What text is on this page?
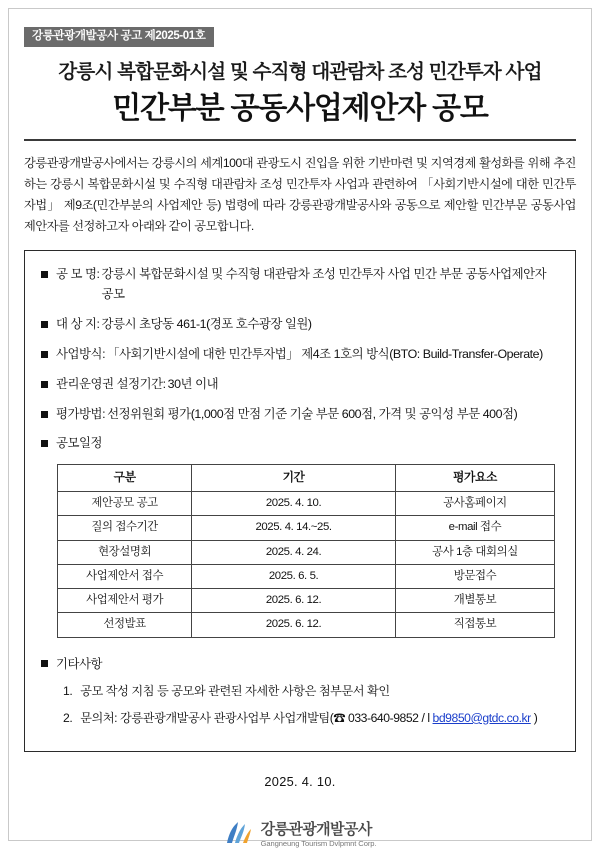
강릉관광개발공사 공고 제2025-01호
강릉시 복합문화시설 및 수직형 대관람차 조성 민간투자 사업
민간부분 공동사업제안자 공모
강릉관광개발공사에서는 강릉시의 세계100대 관광도시 진입을 위한 기반마련 및 지역경제 활성화를 위해 추진하는 강릉시 복합문화시설 및 수직형 대관람차 조성 민간투자 사업과 관련하여 「사회기반시설에 대한 민간투자법」 제9조(민간부분의 사업제안 등) 법령에 따라 강릉관광개발공사와 공동으로 제안할 민간부문 공동사업제안자를 선정하고자 아래와 같이 공모합니다.
공 모 명: 강릉시 복합문화시설 및 수직형 대관람차 조성 민간투자 사업 민간 부문 공동사업제안자 공모
대 상 지: 강릉시 초당동 461-1(경포 호수광장 일원)
사업방식: 「사회기반시설에 대한 민간투자법」 제4조 1호의 방식(BTO: Build-Transfer-Operate)
관리운영권 설정기간: 30년 이내
평가방법: 선정위원회 평가(1,000점 만점 기준 기술 부문 600점, 가격 및 공익성 부문 400점)
공모일정
구분	기간	평가요소
제안공모 공고	2025. 4. 10.	공사홈페이지
질의 접수기간	2025. 4. 14.~25.	e-mail 접수
현장설명회	2025. 4. 24.	공사 1층 대회의실
사업제안서 접수	2025. 6. 5.	방문접수
사업제안서 평가	2025. 6. 12.	개별통보
선정발표	2025. 6. 12.	직접통보
기타사항
1. 공모 작성 지침 등 공모와 관련된 자세한 사항은 첨부문서 확인
2. 문의처: 강릉관광개발공사 관광사업부 사업개발팀(☎ 033-640-9852 / l bd9850@gtdc.co.kr )
2025. 4. 10.
강릉관광개발공사
Gangneung Tourism Dvlpmnt Corp.
